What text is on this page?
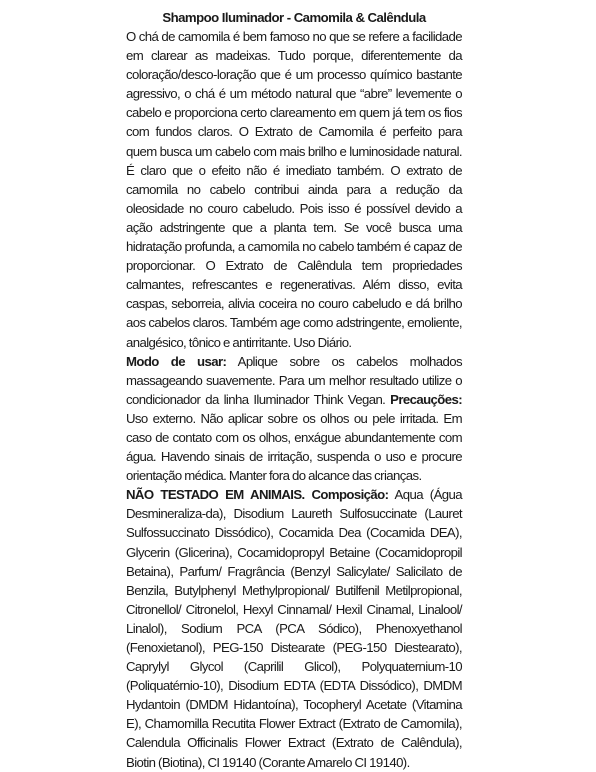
Shampoo Iluminador - Camomila & Calêndula

O chá de camomila é bem famoso no que se refere a facilidade em clarear as madeixas. Tudo porque, diferentemente da coloração/desco-loração que é um processo químico bastante agressivo, o chá é um método natural que “abre” levemente o cabelo e proporciona certo clareamento em quem já tem os fios com fundos claros. O Extrato de Camomila é perfeito para quem busca um cabelo com mais brilho e luminosidade natural. É claro que o efeito não é imediato também. O extrato de camomila no cabelo contribui ainda para a redução da oleosidade no couro cabeludo. Pois isso é possível devido a ação adstringente que a planta tem. Se você busca uma hidratação profunda, a camomila no cabelo também é capaz de proporcionar. O Extrato de Calêndula tem propriedades calmantes, refrescantes e regenerativas. Além disso, evita caspas, seborreia, alivia coceira no couro cabeludo e dá brilho aos cabelos claros. Também age como adstringente, emoliente, analgésico, tônico e antirritante. Uso Diário.
Modo de usar: Aplique sobre os cabelos molhados massageando suavemente. Para um melhor resultado utilize o condicionador da linha Iluminador Think Vegan. Precauções: Uso externo. Não aplicar sobre os olhos ou pele irritada. Em caso de contato com os olhos, enxágue abundantemente com água. Havendo sinais de irritação, suspenda o uso e procure orientação médica. Manter fora do alcance das crianças.
NÃO TESTADO EM ANIMAIS. Composição: Aqua (Água Desmineraliza-da), Disodium Laureth Sulfosuccinate (Lauret Sulfossuccinato Dissódico), Cocamida Dea (Cocamida DEA), Glycerin (Glicerina), Cocamidopropyl Betaine (Cocamidopropil Betaina), Parfum/ Fragrância (Benzyl Salicylate/ Salicilato de Benzila, Butylphenyl Methylpropional/ Butilfenil Metilpropional, Citronellol/ Citronelol, Hexyl Cinnamal/ Hexil Cinamal, Linalool/ Linalol), Sodium PCA (PCA Sódico), Phenoxyethanol (Fenoxietanol), PEG-150 Distearate (PEG-150 Diestearato), Caprylyl Glycol (Caprilil Glicol), Polyquaternium-10 (Poliquatérnio-10), Disodium EDTA (EDTA Dissódico), DMDM Hydantoin (DMDM Hidantoína), Tocopheryl Acetate (Vitamina E), Chamomilla Recutita Flower Extract (Extrato de Camomila), Calendula Officinalis Flower Extract (Extrato de Calêndula), Biotin (Biotina), CI 19140 (Corante Amarelo CI 19140).
